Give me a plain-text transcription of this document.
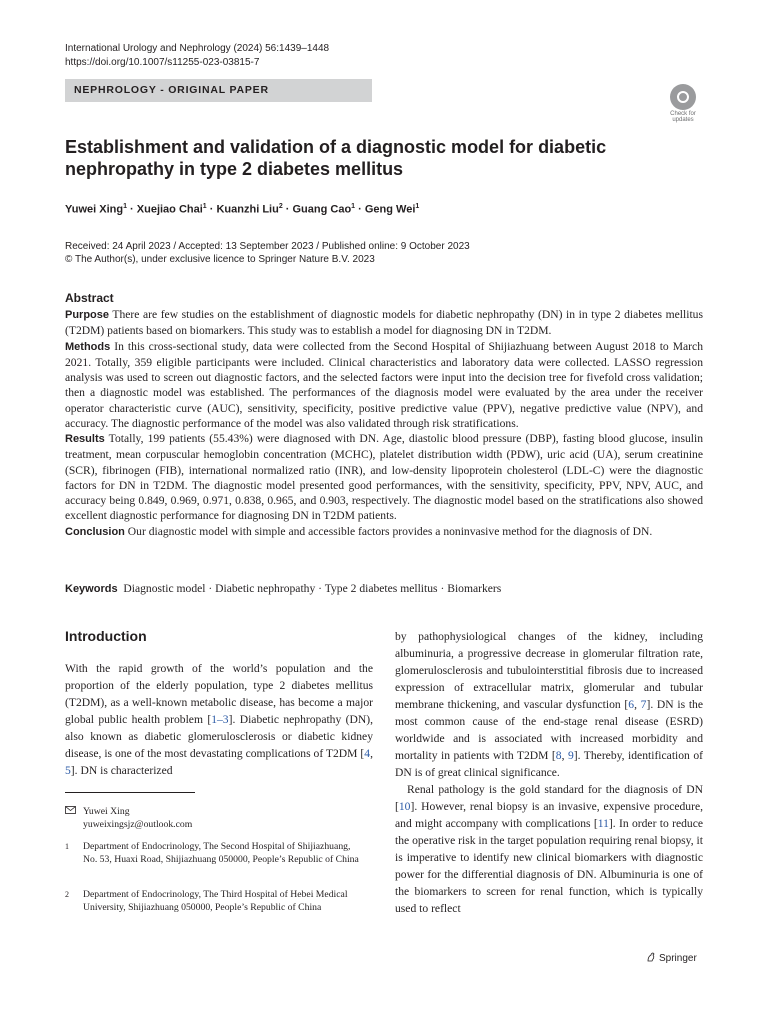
International Urology and Nephrology (2024) 56:1439–1448
https://doi.org/10.1007/s11255-023-03815-7
NEPHROLOGY - ORIGINAL PAPER
Check for updates
Establishment and validation of a diagnostic model for diabetic nephropathy in type 2 diabetes mellitus
Yuwei Xing$^1$ · Xuejiao Chai$^1$ · Kuanzhi Liu$^2$ · Guang Cao$^1$ · Geng Wei$^1$
Received: 24 April 2023 / Accepted: 13 September 2023 / Published online: 9 October 2023
© The Author(s), under exclusive licence to Springer Nature B.V. 2023
Abstract

Purpose There are few studies on the establishment of diagnostic models for diabetic nephropathy (DN) in in type 2 diabetes mellitus (T2DM) patients based on biomarkers. This study was to establish a model for diagnosing DN in T2DM.

Methods In this cross-sectional study, data were collected from the Second Hospital of Shijiazhuang between August 2018 to March 2021. Totally, 359 eligible participants were included. Clinical characteristics and laboratory data were collected. LASSO regression analysis was used to screen out diagnostic factors, and the selected factors were input into the decision tree for fivefold cross validation; then a diagnostic model was established. The performances of the diagnosis model were evaluated by the area under the receiver operator characteristic curve (AUC), sensitivity, specificity, positive predictive value (PPV), negative predictive value (NPV), and accuracy. The diagnostic performance of the model was also validated through risk stratifications.

Results Totally, 199 patients (55.43%) were diagnosed with DN. Age, diastolic blood pressure (DBP), fasting blood glucose, insulin treatment, mean corpuscular hemoglobin concentration (MCHC), platelet distribution width (PDW), uric acid (UA), serum creatinine (SCR), fibrinogen (FIB), international normalized ratio (INR), and low-density lipoprotein cholesterol (LDL-C) were the diagnostic factors for DN in T2DM. The diagnostic model presented good performances, with the sensitivity, specificity, PPV, NPV, AUC, and accuracy being 0.849, 0.969, 0.971, 0.838, 0.965, and 0.903, respectively. The diagnostic model based on the stratifications also showed excellent diagnostic performance for diagnosing DN in T2DM patients.

Conclusion Our diagnostic model with simple and accessible factors provides a noninvasive method for the diagnosis of DN.

Keywords Diagnostic model · Diabetic nephropathy · Type 2 diabetes mellitus · Biomarkers
Introduction

With the rapid growth of the world’s population and the proportion of the elderly population, type 2 diabetes mellitus (T2DM), as a well-known metabolic disease, has become a major global public health problem [1–3]. Diabetic nephropathy (DN), also known as diabetic glomerulosclerosis or diabetic kidney disease, is one of the most devastating complications of T2DM [4, 5]. DN is characterized

by pathophysiological changes of the kidney, including albuminuria, a progressive decrease in glomerular filtration rate, glomerulosclerosis and tubulointerstitial fibrosis due to increased expression of extracellular matrix, glomerular and tubular membrane thickening, and vascular dysfunction [6, 7]. DN is the most common cause of the end-stage renal disease (ESRD) worldwide and is associated with increased morbidity and mortality in patients with T2DM [8, 9]. Thereby, identification of DN is of great clinical significance.

Renal pathology is the gold standard for the diagnosis of DN [10]. However, renal biopsy is an invasive, expensive procedure, and might accompany with complications [11]. In order to reduce the operative risk in the target population requiring renal biopsy, it is imperative to identify new clinical biomarkers with diagnostic power for the differential diagnosis of DN. Albuminuria is one of the biomarkers to screen for renal function, which is typically used to reflect

Yuwei Xing
yuweixingsjz@outlook.com
1 Department of Endocrinology, The Second Hospital of Shijiazhuang, No. 53, Huaxi Road, Shijiazhuang 050000, People’s Republic of China
2 Department of Endocrinology, The Third Hospital of Hebei Medical University, Shijiazhuang 050000, People’s Republic of China
Springer
